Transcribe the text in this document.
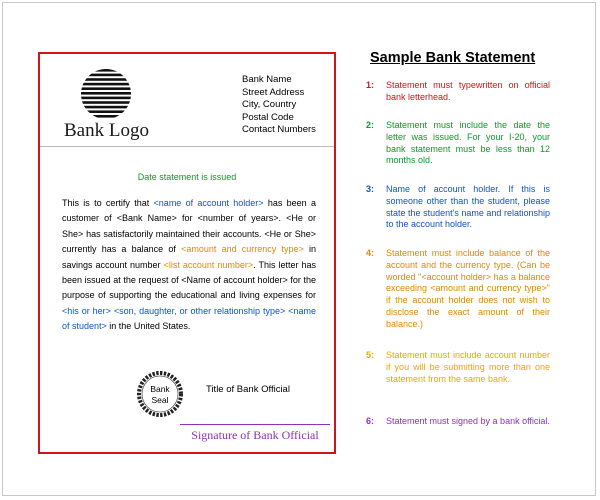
Bank Logo
Bank Name
Street Address
City, Country
Postal Code
Contact Numbers
Date statement is issued
This is to certify that <name of account holder> has been a customer of <Bank Name> for <number of years>. <He or She> has satisfactorily maintained their accounts. <He or She> currently has a balance of <amount and currency type> in savings account number <list account number>. This letter has been issued at the request of <Name of account holder> for the purpose of supporting the educational and living expenses for <his or her> <son, daughter, or other relationship type> <name of student> in the United States.
Bank
Seal
Title of Bank Official
Signature of Bank Official
Sample Bank Statement
1:	Statement must typewritten on official bank letterhead.
2:	Statement must include the date the letter was issued. For your I-20, your bank statement must be less than 12 months old.
3:	Name of account holder. If this is someone other than the student, please state the student's name and relationship to the account holder.
4:	Statement must include balance of the account and the currency type. (Can be worded "<account holder> has a balance exceeding <amount and currency type>" if the account holder does not wish to disclose the exact amount of their balance.)
5:	Statement must include account number if you will be submitting more than one statement from the same bank.
6:	Statement must signed by a bank official.
